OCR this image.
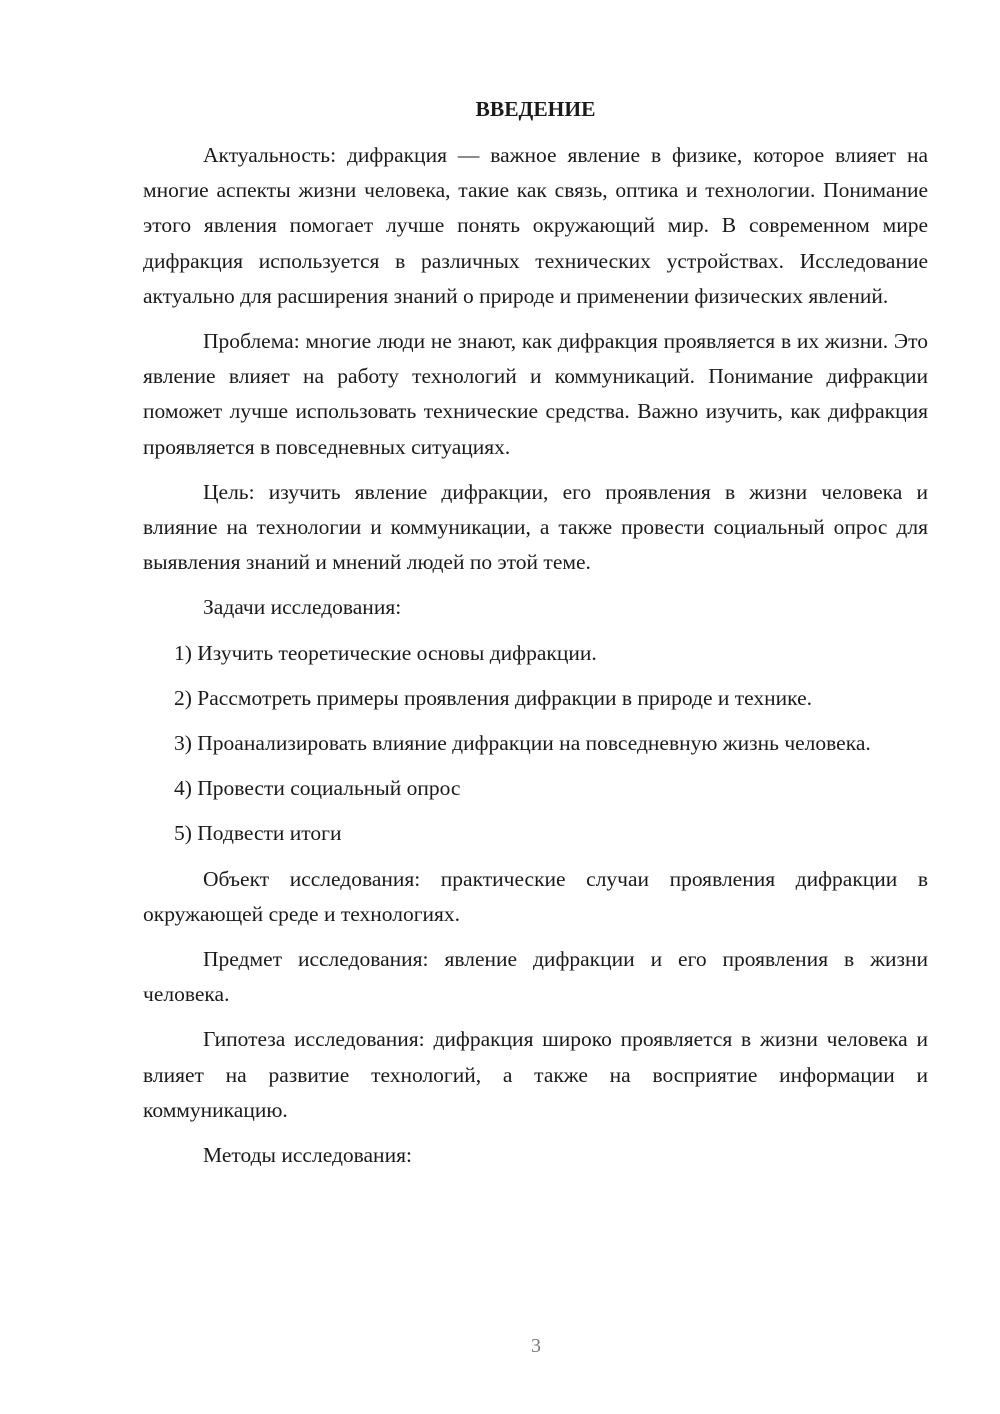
ВВЕДЕНИЕ

Актуальность: дифракция — важное явление в физике, которое влияет на многие аспекты жизни человека, такие как связь, оптика и технологии. Понимание этого явления помогает лучше понять окружающий мир. В современном мире дифракция используется в различных технических устройствах. Исследование актуально для расширения знаний о природе и применении физических явлений.

Проблема: многие люди не знают, как дифракция проявляется в их жизни. Это явление влияет на работу технологий и коммуникаций. Понимание дифракции поможет лучше использовать технические средства. Важно изучить, как дифракция проявляется в повседневных ситуациях.

Цель: изучить явление дифракции, его проявления в жизни человека и влияние на технологии и коммуникации, а также провести социальный опрос для выявления знаний и мнений людей по этой теме.

Задачи исследования:

1) Изучить теоретические основы дифракции.

2) Рассмотреть примеры проявления дифракции в природе и технике.

3) Проанализировать влияние дифракции на повседневную жизнь человека.

4) Провести социальный опрос

5) Подвести итоги

Объект исследования: практические случаи проявления дифракции в окружающей среде и технологиях.

Предмет исследования: явление дифракции и его проявления в жизни человека.

Гипотеза исследования: дифракция широко проявляется в жизни человека и влияет на развитие технологий, а также на восприятие информации и коммуникацию.

Методы исследования:

3
